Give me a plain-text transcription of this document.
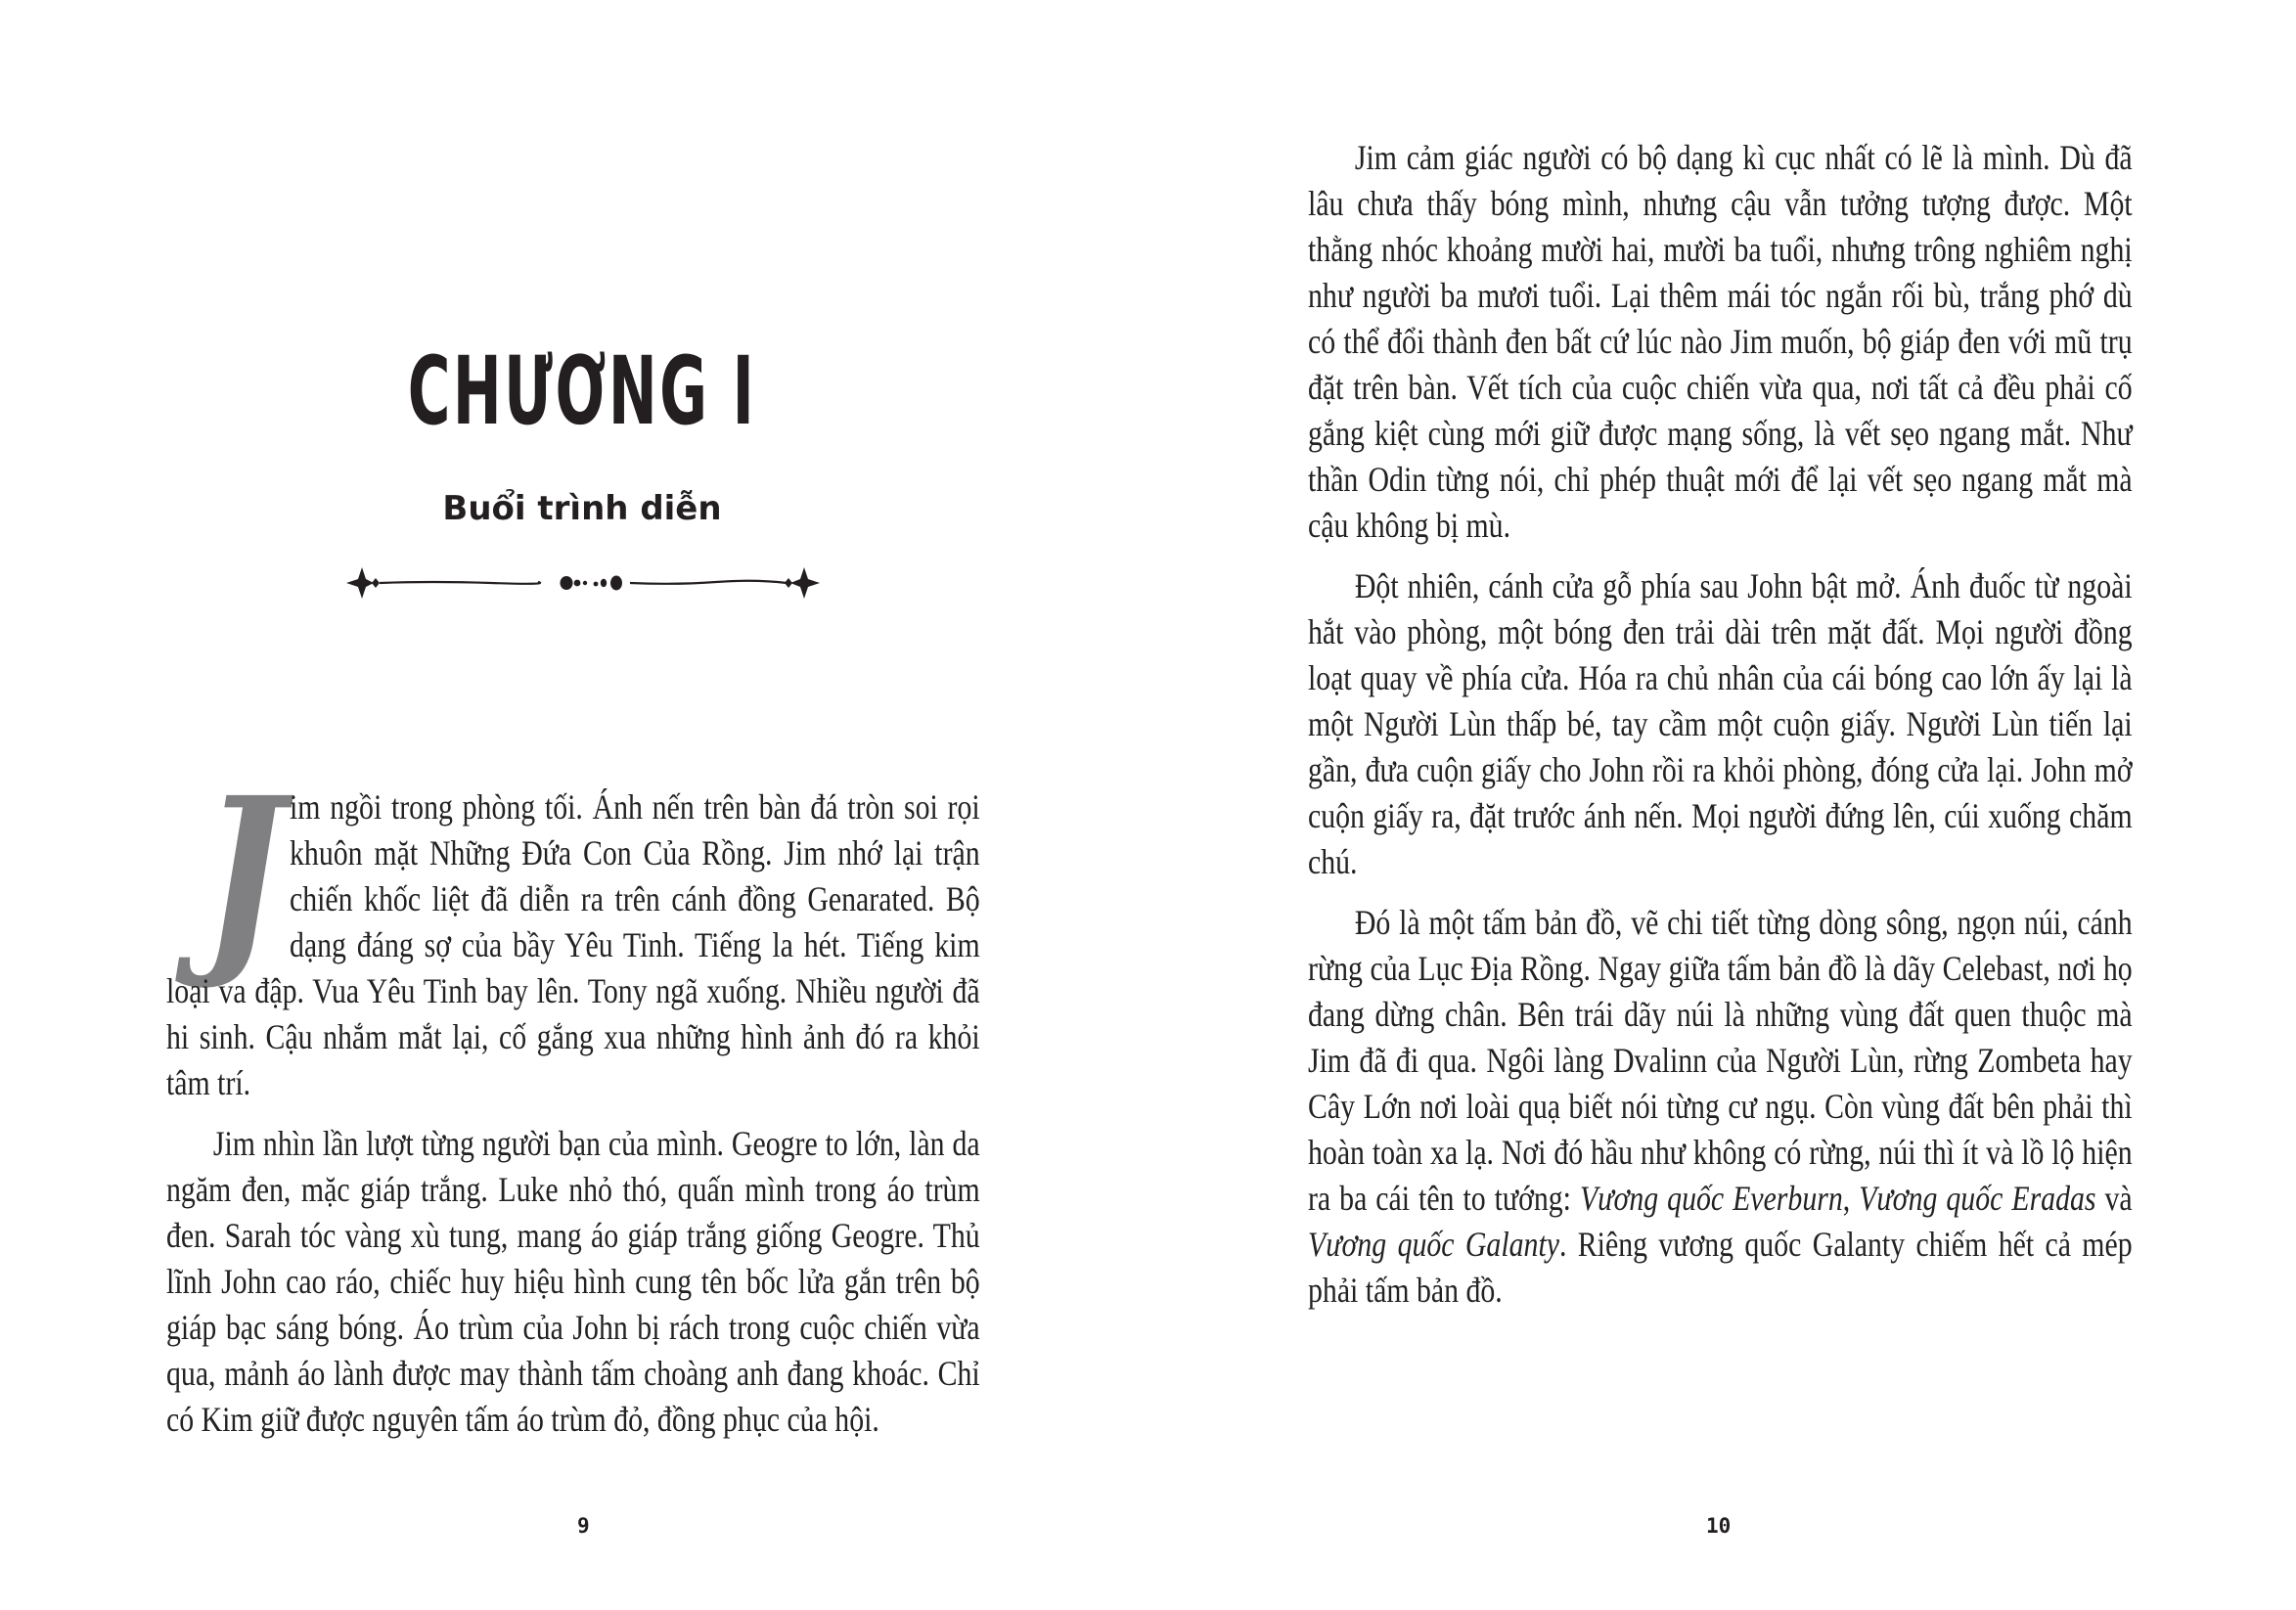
CHƯƠNG I
Buổi trình diễn

Jim ngồi trong phòng tối. Ánh nến trên bàn đá tròn soi rọi khuôn mặt Những Đứa Con Của Rồng. Jim nhớ lại trận chiến khốc liệt đã diễn ra trên cánh đồng Genarated. Bộ dạng đáng sợ của bầy Yêu Tinh. Tiếng la hét. Tiếng kim loại va đập. Vua Yêu Tinh bay lên. Tony ngã xuống. Nhiều người đã hi sinh. Cậu nhắm mắt lại, cố gắng xua những hình ảnh đó ra khỏi tâm trí.

Jim nhìn lần lượt từng người bạn của mình. Geogre to lớn, làn da ngăm đen, mặc giáp trắng. Luke nhỏ thó, quấn mình trong áo trùm đen. Sarah tóc vàng xù tung, mang áo giáp trắng giống Geogre. Thủ lĩnh John cao ráo, chiếc huy hiệu hình cung tên bốc lửa gắn trên bộ giáp bạc sáng bóng. Áo trùm của John bị rách trong cuộc chiến vừa qua, mảnh áo lành được may thành tấm choàng anh đang khoác. Chỉ có Kim giữ được nguyên tấm áo trùm đỏ, đồng phục của hội.

9

Jim cảm giác người có bộ dạng kì cục nhất có lẽ là mình. Dù đã lâu chưa thấy bóng mình, nhưng cậu vẫn tưởng tượng được. Một thằng nhóc khoảng mười hai, mười ba tuổi, nhưng trông nghiêm nghị như người ba mươi tuổi. Lại thêm mái tóc ngắn rối bù, trắng phớ dù có thể đổi thành đen bất cứ lúc nào Jim muốn, bộ giáp đen với mũ trụ đặt trên bàn. Vết tích của cuộc chiến vừa qua, nơi tất cả đều phải cố gắng kiệt cùng mới giữ được mạng sống, là vết sẹo ngang mắt. Như thần Odin từng nói, chỉ phép thuật mới để lại vết sẹo ngang mắt mà cậu không bị mù.

Đột nhiên, cánh cửa gỗ phía sau John bật mở. Ánh đuốc từ ngoài hắt vào phòng, một bóng đen trải dài trên mặt đất. Mọi người đồng loạt quay về phía cửa. Hóa ra chủ nhân của cái bóng cao lớn ấy lại là một Người Lùn thấp bé, tay cầm một cuộn giấy. Người Lùn tiến lại gần, đưa cuộn giấy cho John rồi ra khỏi phòng, đóng cửa lại. John mở cuộn giấy ra, đặt trước ánh nến. Mọi người đứng lên, cúi xuống chăm chú.

Đó là một tấm bản đồ, vẽ chi tiết từng dòng sông, ngọn núi, cánh rừng của Lục Địa Rồng. Ngay giữa tấm bản đồ là dãy Celebast, nơi họ đang dừng chân. Bên trái dãy núi là những vùng đất quen thuộc mà Jim đã đi qua. Ngôi làng Dvalinn của Người Lùn, rừng Zombeta hay Cây Lớn nơi loài quạ biết nói từng cư ngụ. Còn vùng đất bên phải thì hoàn toàn xa lạ. Nơi đó hầu như không có rừng, núi thì ít và lồ lộ hiện ra ba cái tên to tướng: Vương quốc Everburn, Vương quốc Eradas và Vương quốc Galanty. Riêng vương quốc Galanty chiếm hết cả mép phải tấm bản đồ.

10
